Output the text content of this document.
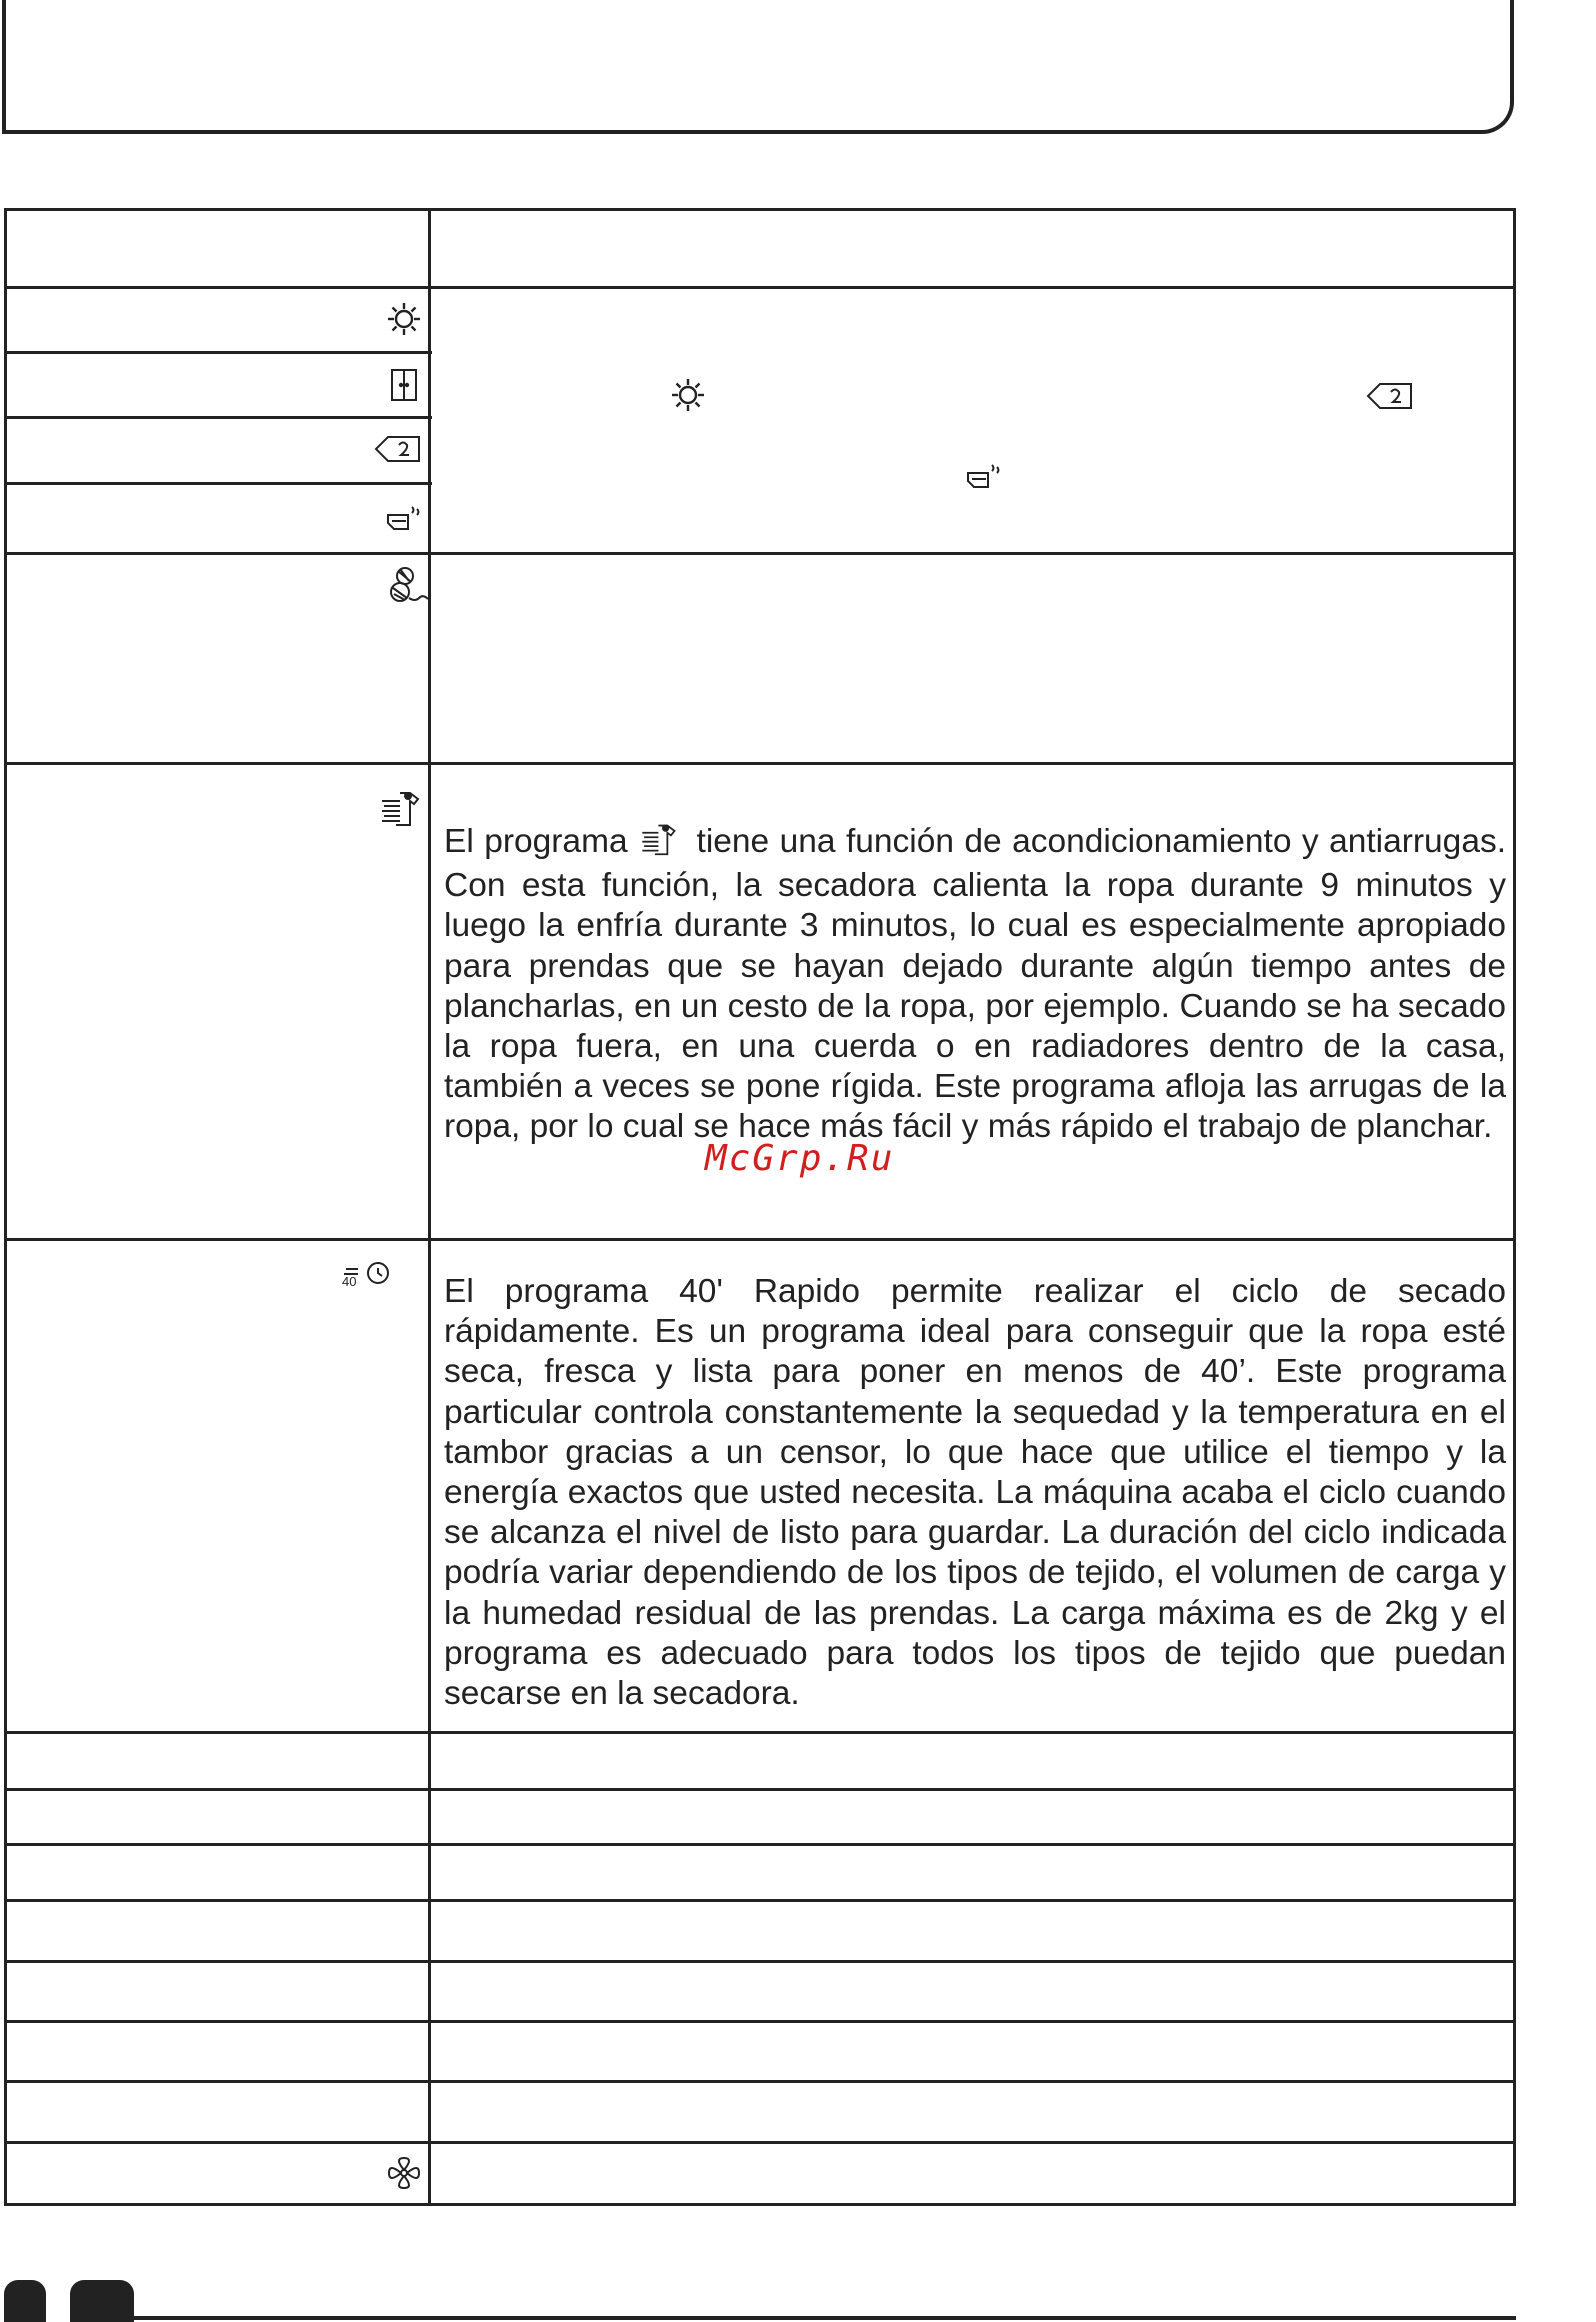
40
El programa tiene una función de acondicionamiento y antiarrugas. Con esta función, la secadora calienta la ropa durante 9 minutos y luego la enfría durante 3 minutos, lo cual es especialmente apropiado para prendas que se hayan dejado durante algún tiempo antes de plancharlas, en un cesto de la ropa, por ejemplo. Cuando se ha secado la ropa fuera, en una cuerda o en radiadores dentro de la casa, también a veces se pone rígida. Este programa afloja las arrugas de la ropa, por lo cual se hace más fácil y más rápido el trabajo de planchar.
McGrp.Ru
El programa 40' Rapido permite realizar el ciclo de secado rápidamente. Es un programa ideal para conseguir que la ropa esté seca, fresca y lista para poner en menos de 40’. Este programa particular controla constantemente la sequedad y la temperatura en el tambor gracias a un censor, lo que hace que utilice el tiempo y la energía exactos que usted necesita. La máquina acaba el ciclo cuando se alcanza el nivel de listo para guardar. La duración del ciclo indicada podría variar dependiendo de los tipos de tejido, el volumen de carga y la humedad residual de las prendas. La carga máxima es de 2kg y el programa es adecuado para todos los tipos de tejido que puedan secarse en la secadora.
